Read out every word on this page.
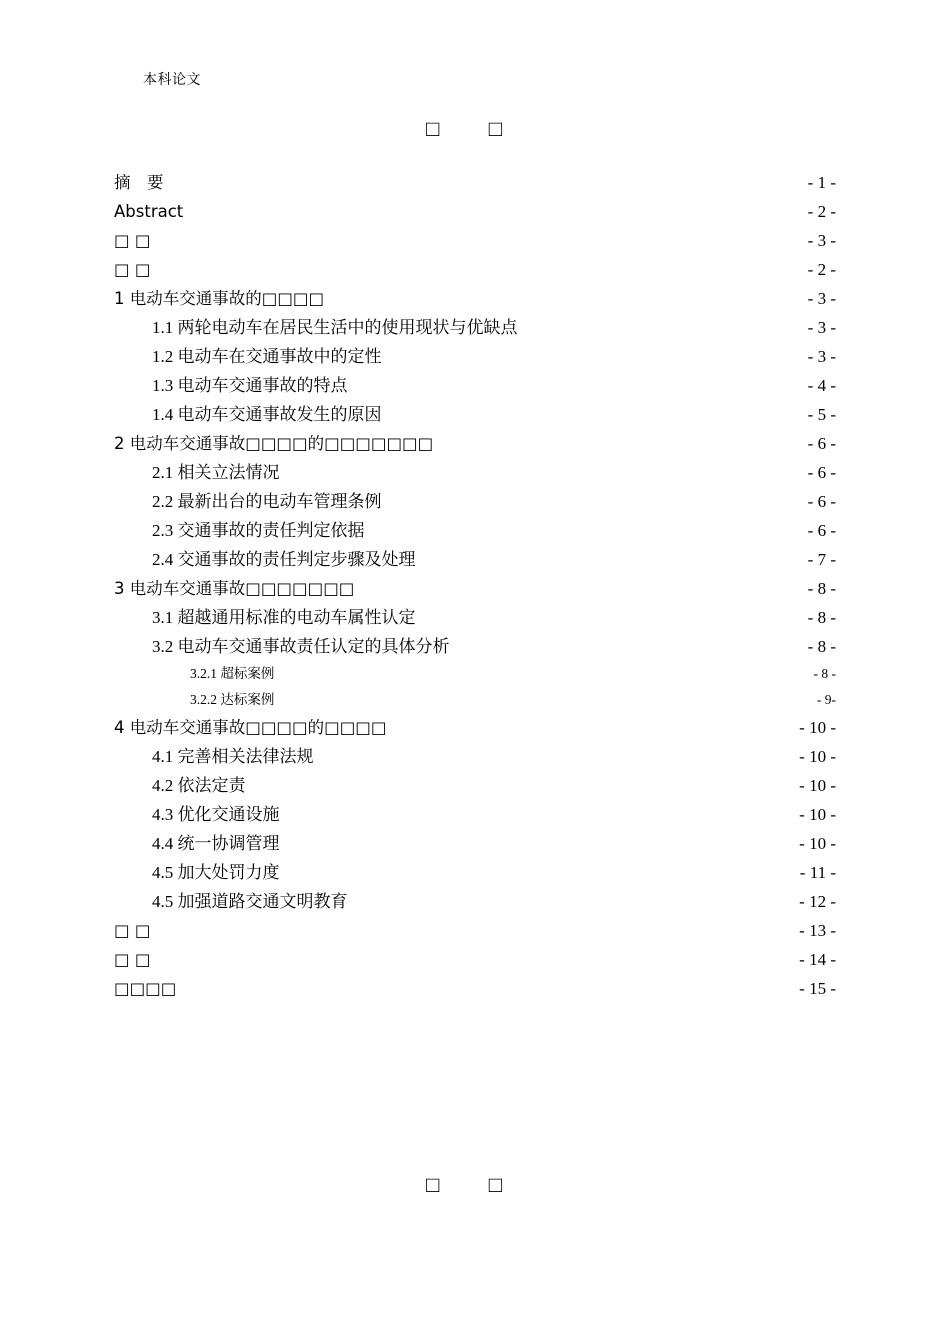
本科论文
□ □
摘　要 .....	- 1 -
Abstract .....	- 2 -
□ □ .....	- 3 -
□ □ .....	- 2 -
1 电动车交通事故的□□□□ .....	- 3 -
1.1 两轮电动车在居民生活中的使用现状与优缺点 .....	- 3 -
1.2 电动车在交通事故中的定性 .....	- 3 -
1.3 电动车交通事故的特点 .....	- 4 -
1.4 电动车交通事故发生的原因 .....	- 5 -
2 电动车交通事故□□□□的□□□□□□□ .....	- 6 -
2.1 相关立法情况 .....	- 6 -
2.2 最新出台的电动车管理条例 .....	- 6 -
2.3 交通事故的责任判定依据 .....	- 6 -
2.4 交通事故的责任判定步骤及处理 .....	- 7 -
3 电动车交通事故□□□□□□□ .....	- 8 -
3.1 超越通用标准的电动车属性认定 .....	- 8 -
3.2 电动车交通事故责任认定的具体分析 .....	- 8 -
3.2.1 超标案例 .....	- 8 -
3.2.2 达标案例 .....	- 9-
4 电动车交通事故□□□□的□□□□ .....	- 10 -
4.1 完善相关法律法规 .....	- 10 -
4.2 依法定责 .....	- 10 -
4.3 优化交通设施 .....	- 10 -
4.4 统一协调管理 .....	- 10 -
4.5 加大处罚力度 .....	- 11 -
4.5 加强道路交通文明教育 .....	- 12 -
□ □ .....	- 13 -
□ □ .....	- 14 -
□□□□ .....	- 15 -
□ □
